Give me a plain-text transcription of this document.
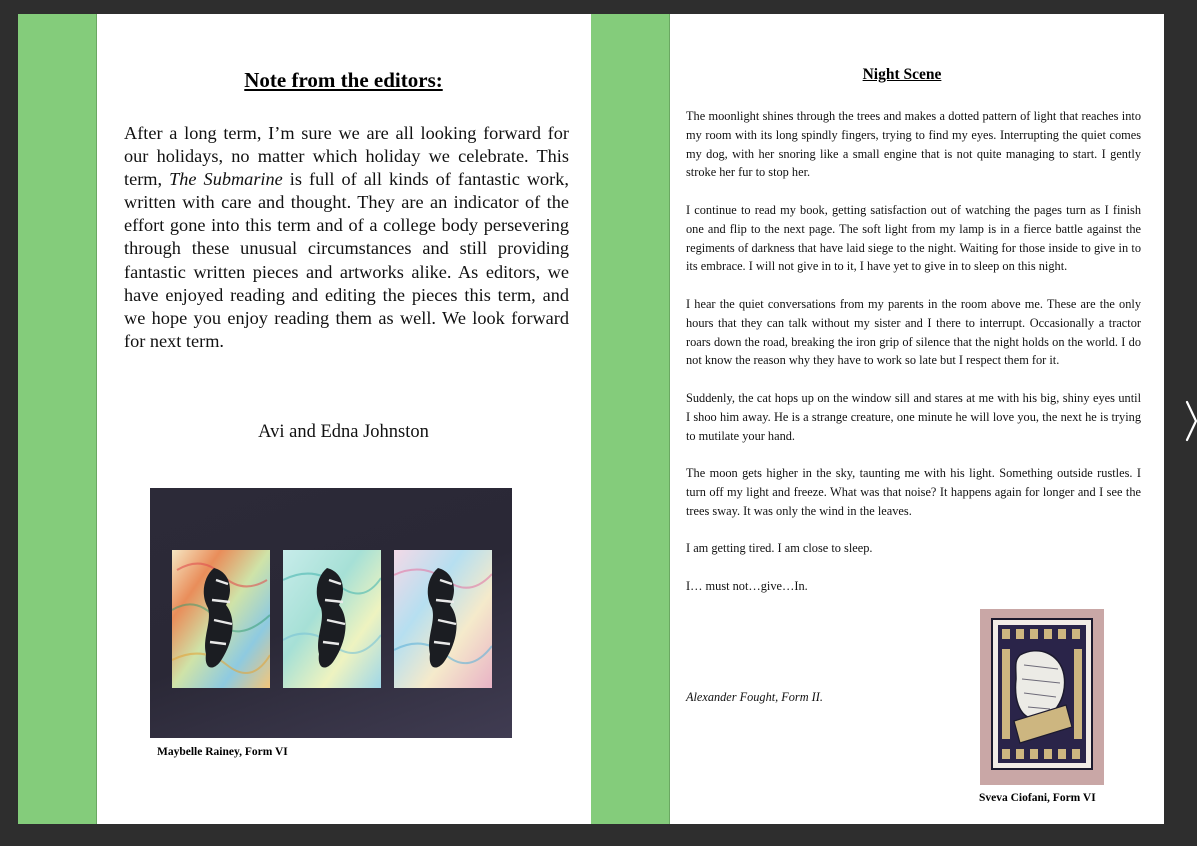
Note from the editors:
After a long term, I’m sure we are all looking forward for our holidays, no matter which holiday we celebrate. This term, The Submarine is full of all kinds of fantastic work, written with care and thought. They are an indicator of the effort gone into this term and of a college body persevering through these unusual circumstances and still providing fantastic written pieces and artworks alike. As editors, we have enjoyed reading and editing the pieces this term, and we hope you enjoy reading them as well. We look forward for next term.
Avi and Edna Johnston
Maybelle Rainey, Form VI
Night Scene

The moonlight shines through the trees and makes a dotted pattern of light that reaches into my room with its long spindly fingers, trying to find my eyes. Interrupting the quiet comes my dog, with her snoring like a small engine that is not quite managing to start. I gently stroke her fur to stop her.

I continue to read my book, getting satisfaction out of watching the pages turn as I finish one and flip to the next page. The soft light from my lamp is in a fierce battle against the regiments of darkness that have laid siege to the night. Waiting for those inside to give in to its embrace. I will not give in to it, I have yet to give in to sleep on this night.

I hear the quiet conversations from my parents in the room above me. These are the only hours that they can talk without my sister and I there to interrupt. Occasionally a tractor roars down the road, breaking the iron grip of silence that the night holds on the world. I do not know the reason why they have to work so late but I respect them for it.

Suddenly, the cat hops up on the window sill and stares at me with his big, shiny eyes until I shoo him away. He is a strange creature, one minute he will love you, the next he is trying to mutilate your hand.

The moon gets higher in the sky, taunting me with his light. Something outside rustles. I turn off my light and freeze. What was that noise? It happens again for longer and I see the trees sway. It was only the wind in the leaves.

I am getting tired. I am close to sleep.

I… must not…give…In.

Alexander Fought, Form II.
Sveva Ciofani, Form VI
